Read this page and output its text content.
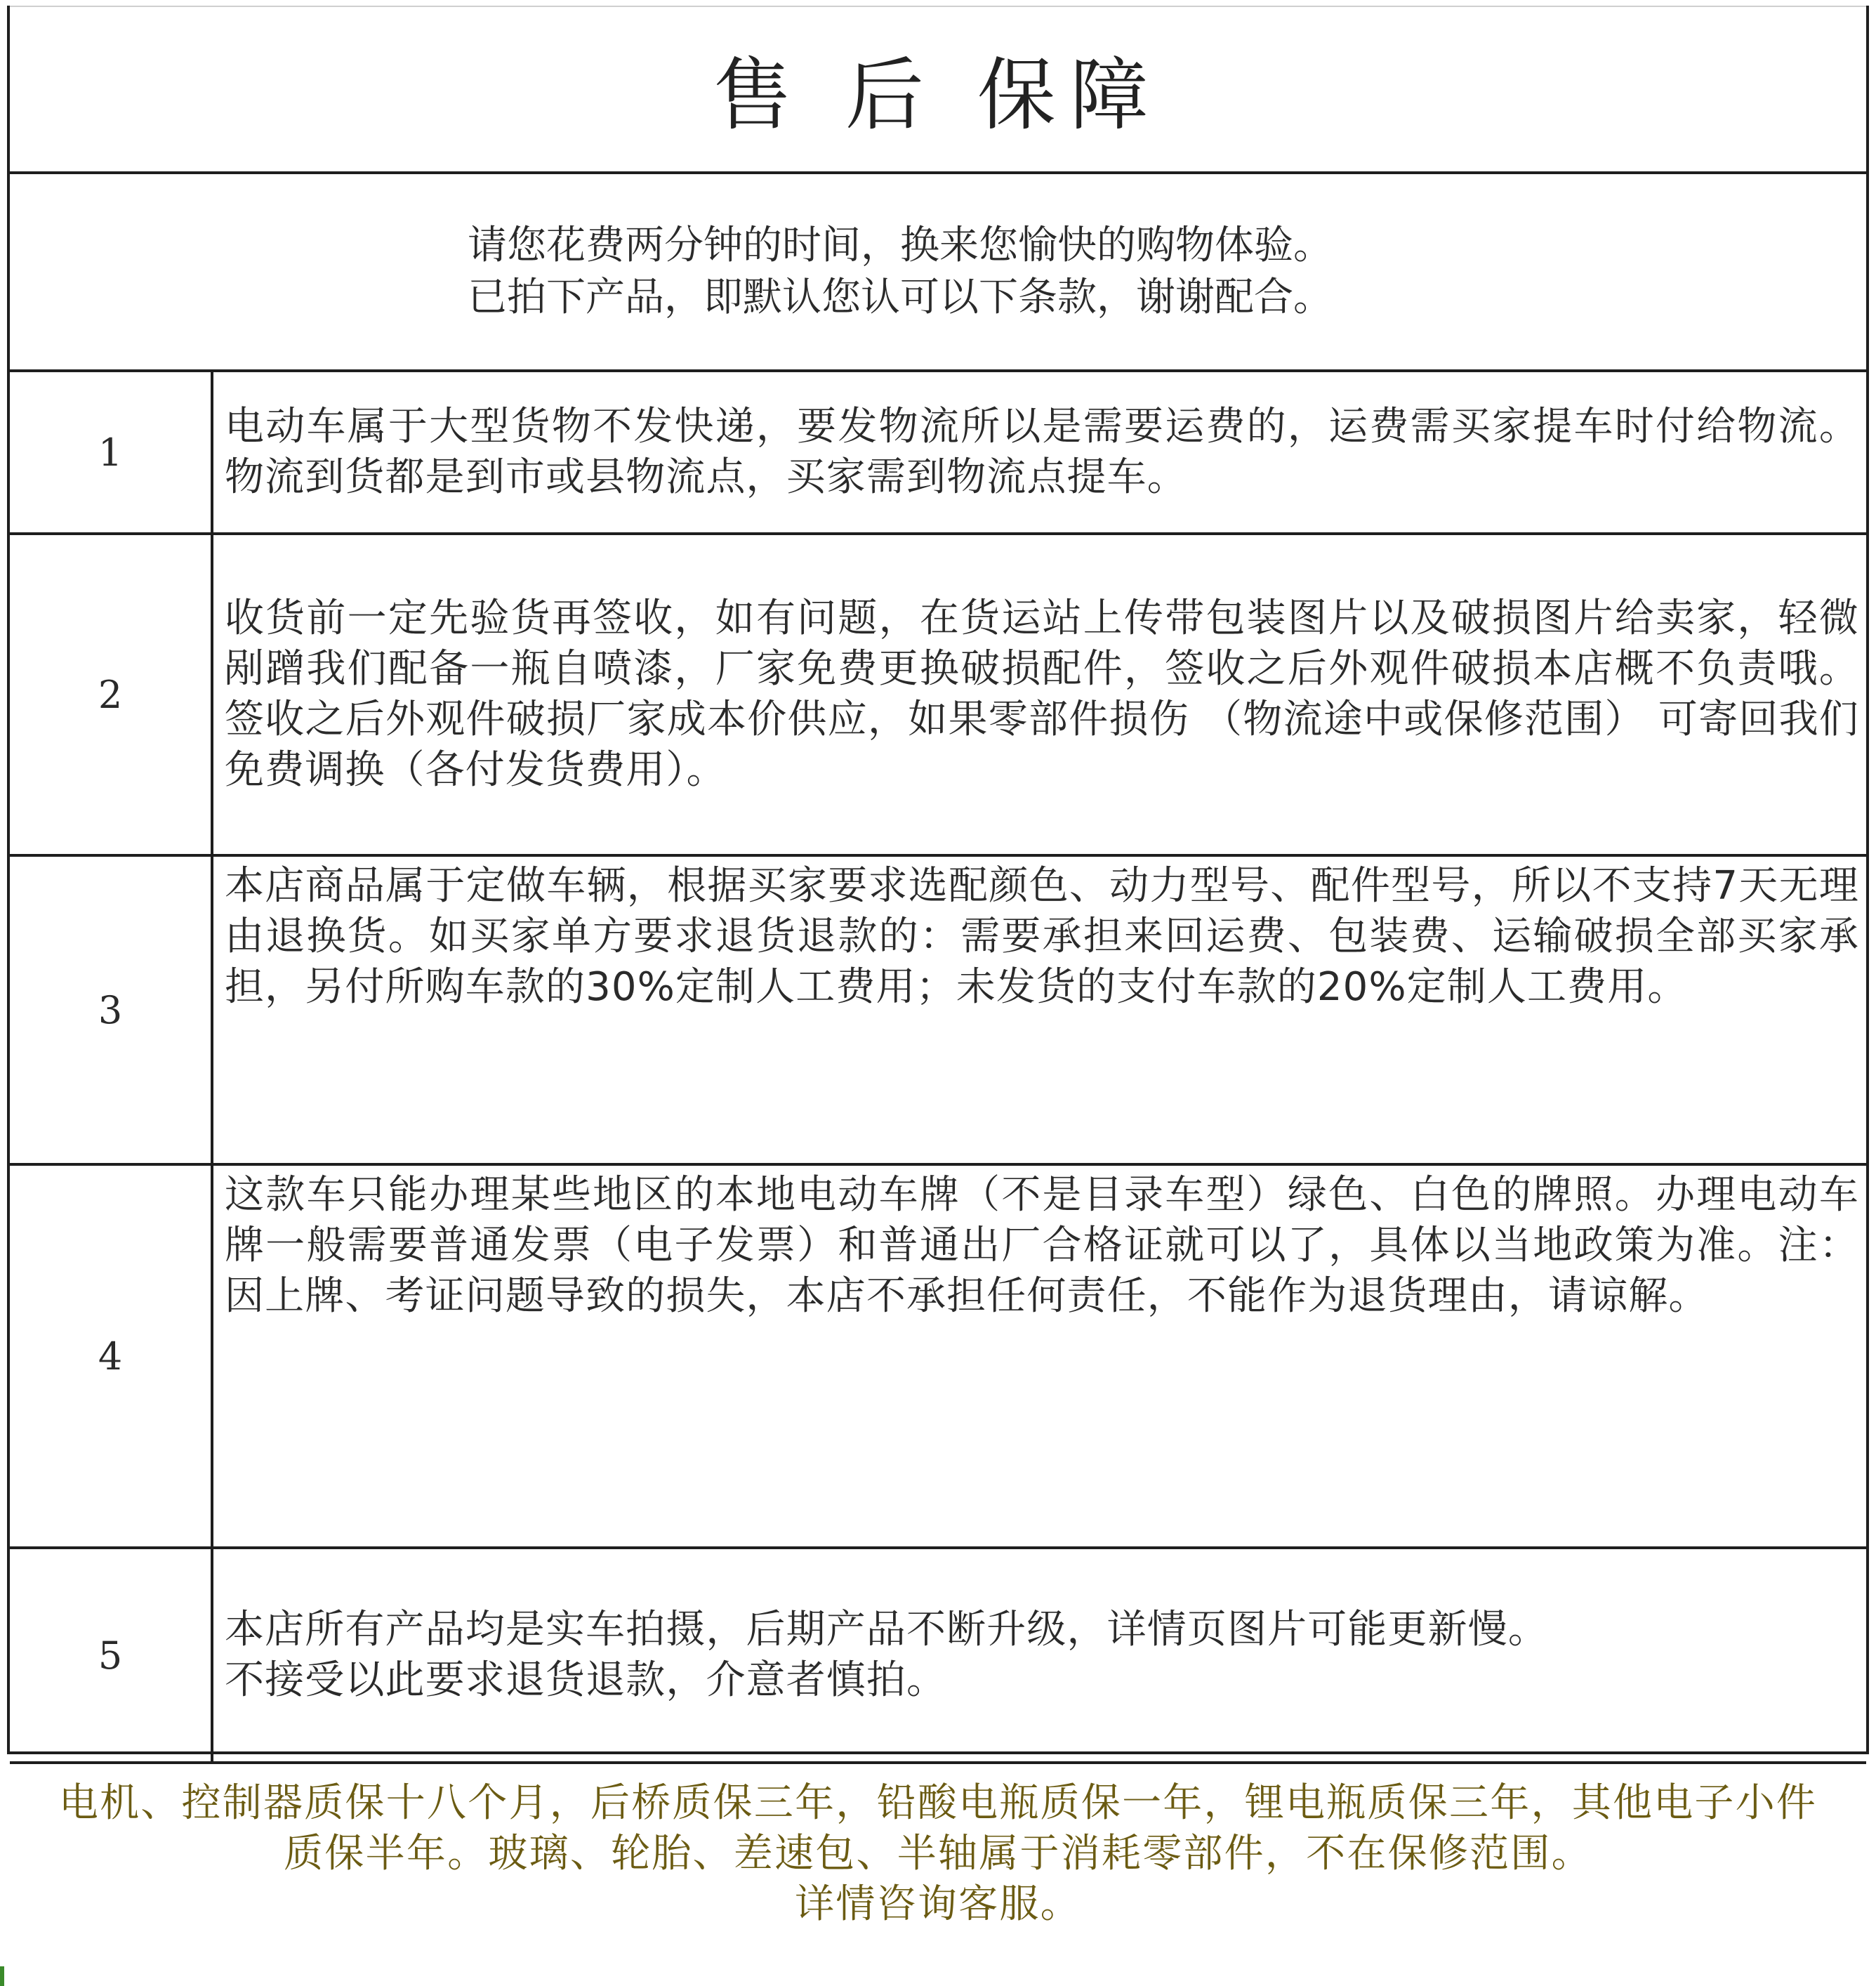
售 后 保障
请您花费两分钟的时间，换来您愉快的购物体验。
已拍下产品，即默认您认可以下条款，谢谢配合。
1
电动车属于大型货物不发快递，要发物流所以是需要运费的，运费需买家提车时付给物流。物流到货都是到市或县物流点，买家需到物流点提车。
2
收货前一定先验货再签收，如有问题，在货运站上传带包装图片以及破损图片给卖家，轻微剐蹭我们配备一瓶自喷漆，厂家免费更换破损配件，签收之后外观件破损本店概不负责哦。签收之后外观件破损厂家成本价供应，如果零部件损伤 （物流途中或保修范围） 可寄回我们免费调换（各付发货费用）。
3
本店商品属于定做车辆，根据买家要求选配颜色、动力型号、配件型号，所以不支持7天无理由退换货。如买家单方要求退货退款的：需要承担来回运费、包装费、运输破损全部买家承担，另付所购车款的30%定制人工费用；未发货的支付车款的20%定制人工费用。
4
这款车只能办理某些地区的本地电动车牌（不是目录车型）绿色、白色的牌照。办理电动车牌一般需要普通发票（电子发票）和普通出厂合格证就可以了，具体以当地政策为准。注：因上牌、考证问题导致的损失，本店不承担任何责任，不能作为退货理由，请谅解。
5
本店所有产品均是实车拍摄，后期产品不断升级，详情页图片可能更新慢。
不接受以此要求退货退款，介意者慎拍。
电机、控制器质保十八个月，后桥质保三年，铅酸电瓶质保一年，锂电瓶质保三年，其他电子小件
质保半年。玻璃、轮胎、差速包、半轴属于消耗零部件，不在保修范围。
详情咨询客服。
